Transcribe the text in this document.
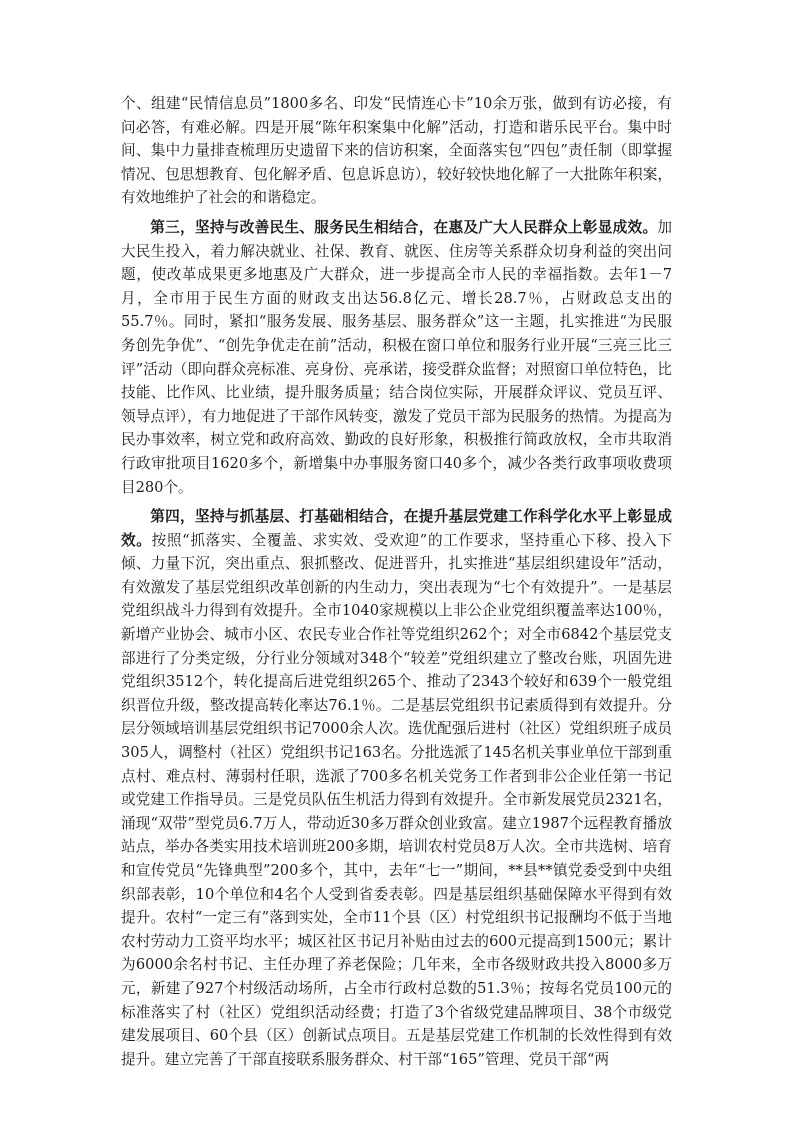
个、组建“民情信息员”1800多名、印发“民情连心卡”10余万张，做到有访必接，有问必答，有难必解。四是开展“陈年积案集中化解”活动，打造和谐乐民平台。集中时间、集中力量排查梳理历史遗留下来的信访积案，全面落实包“四包”责任制（即掌握情况、包思想教育、包化解矛盾、包息诉息访），较好较快地化解了一大批陈年积案，有效地维护了社会的和谐稳定。

第三，坚持与改善民生、服务民生相结合，在惠及广大人民群众上彰显成效。加大民生投入，着力解决就业、社保、教育、就医、住房等关系群众切身利益的突出问题，使改革成果更多地惠及广大群众，进一步提高全市人民的幸福指数。去年1－7月，全市用于民生方面的财政支出达56.8亿元、增长28.7％，占财政总支出的55.7％。同时，紧扣“服务发展、服务基层、服务群众”这一主题，扎实推进“为民服务创先争优”、“创先争优走在前”活动，积极在窗口单位和服务行业开展“三亮三比三评”活动（即向群众亮标准、亮身份、亮承诺，接受群众监督；对照窗口单位特色，比技能、比作风、比业绩，提升服务质量；结合岗位实际，开展群众评议、党员互评、领导点评），有力地促进了干部作风转变，激发了党员干部为民服务的热情。为提高为民办事效率，树立党和政府高效、勤政的良好形象，积极推行简政放权，全市共取消行政审批项目1620多个，新增集中办事服务窗口40多个，减少各类行政事项收费项目280个。

第四，坚持与抓基层、打基础相结合，在提升基层党建工作科学化水平上彰显成效。按照“抓落实、全覆盖、求实效、受欢迎”的工作要求，坚持重心下移、投入下倾、力量下沉，突出重点、狠抓整改、促进晋升，扎实推进“基层组织建设年”活动，有效激发了基层党组织改革创新的内生动力，突出表现为“七个有效提升”。一是基层党组织战斗力得到有效提升。全市1040家规模以上非公企业党组织覆盖率达100％，新增产业协会、城市小区、农民专业合作社等党组织262个；对全市6842个基层党支部进行了分类定级，分行业分领域对348个“较差”党组织建立了整改台账，巩固先进党组织3512个，转化提高后进党组织265个、推动了2343个较好和639个一般党组织晋位升级，整改提高转化率达76.1％。二是基层党组织书记素质得到有效提升。分层分领域培训基层党组织书记7000余人次。选优配强后进村（社区）党组织班子成员305人，调整村（社区）党组织书记163名。分批选派了145名机关事业单位干部到重点村、难点村、薄弱村任职，选派了700多名机关党务工作者到非公企业任第一书记或党建工作指导员。三是党员队伍生机活力得到有效提升。全市新发展党员2321名，涌现“双带”型党员6.7万人，带动近30多万群众创业致富。建立1987个远程教育播放站点，举办各类实用技术培训班200多期，培训农村党员8万人次。全市共选树、培育和宣传党员“先锋典型”200多个，其中，去年“七一”期间，**县**镇党委受到中央组织部表彰，10个单位和4名个人受到省委表彰。四是基层组织基础保障水平得到有效提升。农村“一定三有”落到实处，全市11个县（区）村党组织书记报酬均不低于当地农村劳动力工资平均水平；城区社区书记月补贴由过去的600元提高到1500元；累计为6000余名村书记、主任办理了养老保险；几年来，全市各级财政共投入8000多万元，新建了927个村级活动场所，占全市行政村总数的51.3％；按每名党员100元的标准落实了村（社区）党组织活动经费；打造了3个省级党建品牌项目、38个市级党建发展项目、60个县（区）创新试点项目。五是基层党建工作机制的长效性得到有效提升。建立完善了干部直接联系服务群众、村干部“165”管理、党员干部“两
